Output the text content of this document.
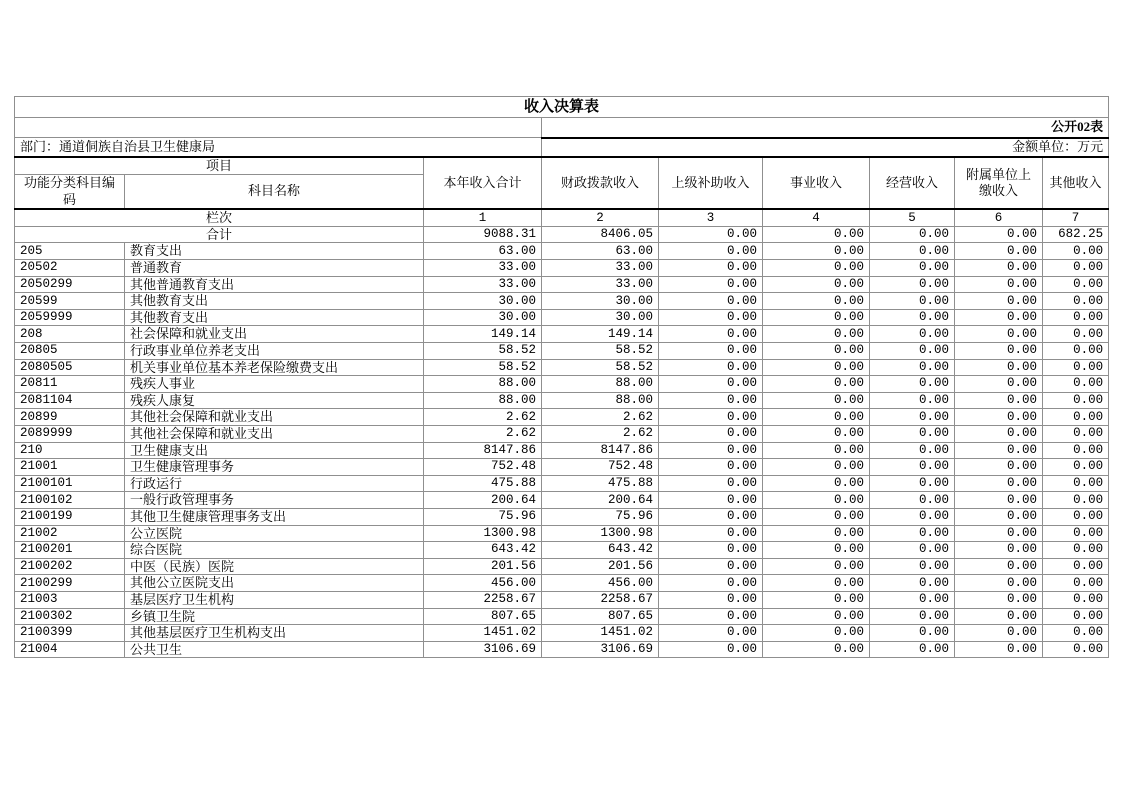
收入决算表								
			公开02表					
部门：通道侗族自治县卫生健康局			金额单位：万元					
项目		本年收入合计	财政拨款收入	上级补助收入	事业收入	经营收入	附属单位上缴收入	其他收入
功能分类科目编码	科目名称							
栏次		1	2	3	4	5	6	7
合计		9088.31	8406.05	0.00	0.00	0.00	0.00	682.25
205	教育支出	63.00	63.00	0.00	0.00	0.00	0.00	0.00
20502	普通教育	33.00	33.00	0.00	0.00	0.00	0.00	0.00
2050299	其他普通教育支出	33.00	33.00	0.00	0.00	0.00	0.00	0.00
20599	其他教育支出	30.00	30.00	0.00	0.00	0.00	0.00	0.00
2059999	其他教育支出	30.00	30.00	0.00	0.00	0.00	0.00	0.00
208	社会保障和就业支出	149.14	149.14	0.00	0.00	0.00	0.00	0.00
20805	行政事业单位养老支出	58.52	58.52	0.00	0.00	0.00	0.00	0.00
2080505	机关事业单位基本养老保险缴费支出	58.52	58.52	0.00	0.00	0.00	0.00	0.00
20811	残疾人事业	88.00	88.00	0.00	0.00	0.00	0.00	0.00
2081104	残疾人康复	88.00	88.00	0.00	0.00	0.00	0.00	0.00
20899	其他社会保障和就业支出	2.62	2.62	0.00	0.00	0.00	0.00	0.00
2089999	其他社会保障和就业支出	2.62	2.62	0.00	0.00	0.00	0.00	0.00
210	卫生健康支出	8147.86	8147.86	0.00	0.00	0.00	0.00	0.00
21001	卫生健康管理事务	752.48	752.48	0.00	0.00	0.00	0.00	0.00
2100101	行政运行	475.88	475.88	0.00	0.00	0.00	0.00	0.00
2100102	一般行政管理事务	200.64	200.64	0.00	0.00	0.00	0.00	0.00
2100199	其他卫生健康管理事务支出	75.96	75.96	0.00	0.00	0.00	0.00	0.00
21002	公立医院	1300.98	1300.98	0.00	0.00	0.00	0.00	0.00
2100201	综合医院	643.42	643.42	0.00	0.00	0.00	0.00	0.00
2100202	中医（民族）医院	201.56	201.56	0.00	0.00	0.00	0.00	0.00
2100299	其他公立医院支出	456.00	456.00	0.00	0.00	0.00	0.00	0.00
21003	基层医疗卫生机构	2258.67	2258.67	0.00	0.00	0.00	0.00	0.00
2100302	乡镇卫生院	807.65	807.65	0.00	0.00	0.00	0.00	0.00
2100399	其他基层医疗卫生机构支出	1451.02	1451.02	0.00	0.00	0.00	0.00	0.00
21004	公共卫生	3106.69	3106.69	0.00	0.00	0.00	0.00	0.00
